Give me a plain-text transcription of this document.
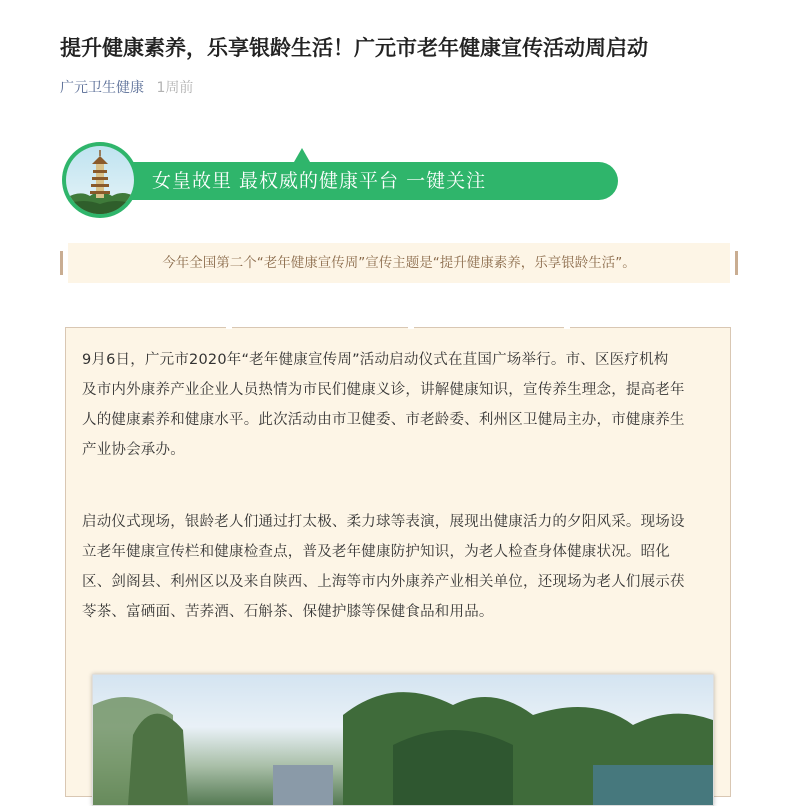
提升健康素养，乐享银龄生活！广元市老年健康宣传活动周启动
广元卫生健康 1周前
女皇故里 最权威的健康平台 一键关注
今年全国第二个“老年健康宣传周”宣传主题是“提升健康素养，乐享银龄生活”。
9月6日，广元市2020年“老年健康宣传周”活动启动仪式在苴国广场举行。市、区医疗机构
及市内外康养产业企业人员热情为市民们健康义诊，讲解健康知识，宣传养生理念，提高老年
人的健康素养和健康水平。此次活动由市卫健委、市老龄委、利州区卫健局主办，市健康养生
产业协会承办。
启动仪式现场，银龄老人们通过打太极、柔力球等表演，展现出健康活力的夕阳风采。现场设
立老年健康宣传栏和健康检查点，普及老年健康防护知识，为老人检查身体健康状况。昭化
区、剑阁县、利州区以及来自陕西、上海等市内外康养产业相关单位，还现场为老人们展示茯
苓茶、富硒面、苦荞酒、石斛茶、保健护膝等保健食品和用品。
